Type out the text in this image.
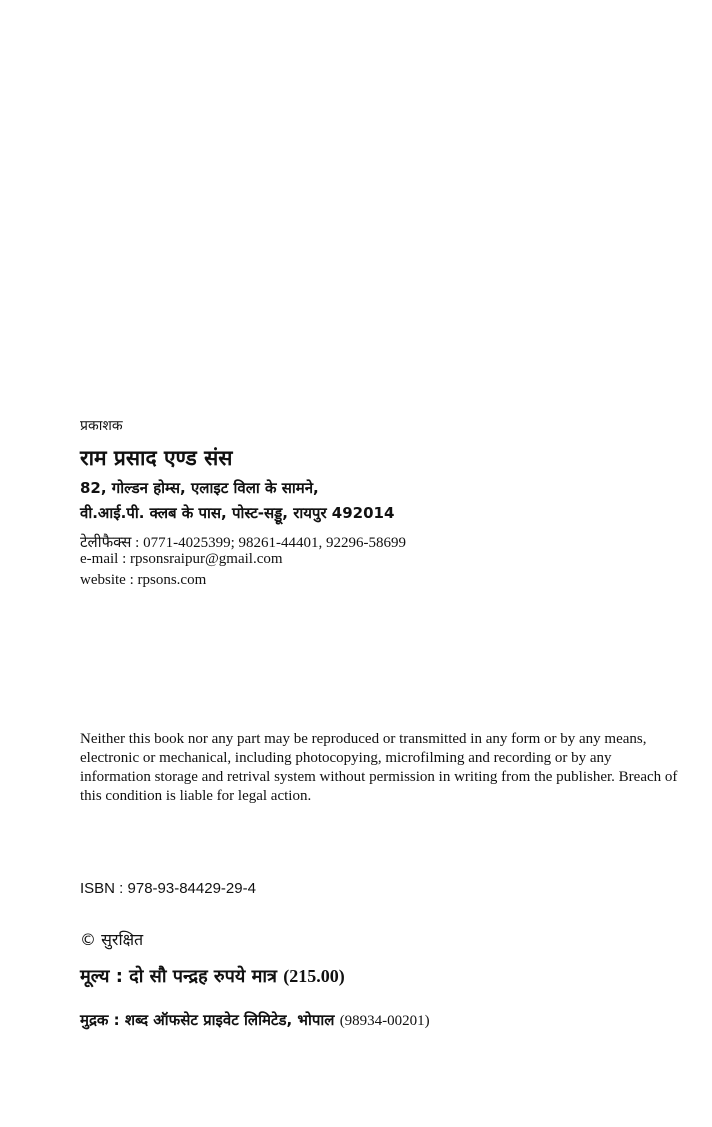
प्रकाशक
राम प्रसाद एण्ड संस
82, गोल्डन होम्स, एलाइट विला के सामने,
वी.आई.पी. क्लब के पास, पोस्ट-सड्डू, रायपुर 492014
टेलीफैक्स : 0771-4025399; 98261-44401, 92296-58699
e-mail : rpsonsraipur@gmail.com
website : rpsons.com
Neither this book nor any part may be reproduced or transmitted in any form or by any means, electronic or mechanical, including photocopying, microfilming and recording or by any information storage and retrival system without permission in writing from the publisher. Breach of this condition is liable for legal action.
ISBN : 978-93-84429-29-4
© सुरक्षित
मूल्य : दो सौ पन्द्रह रुपये मात्र (215.00)
मुद्रक : शब्द ऑफसेट प्राइवेट लिमिटेड, भोपाल (98934-00201)
